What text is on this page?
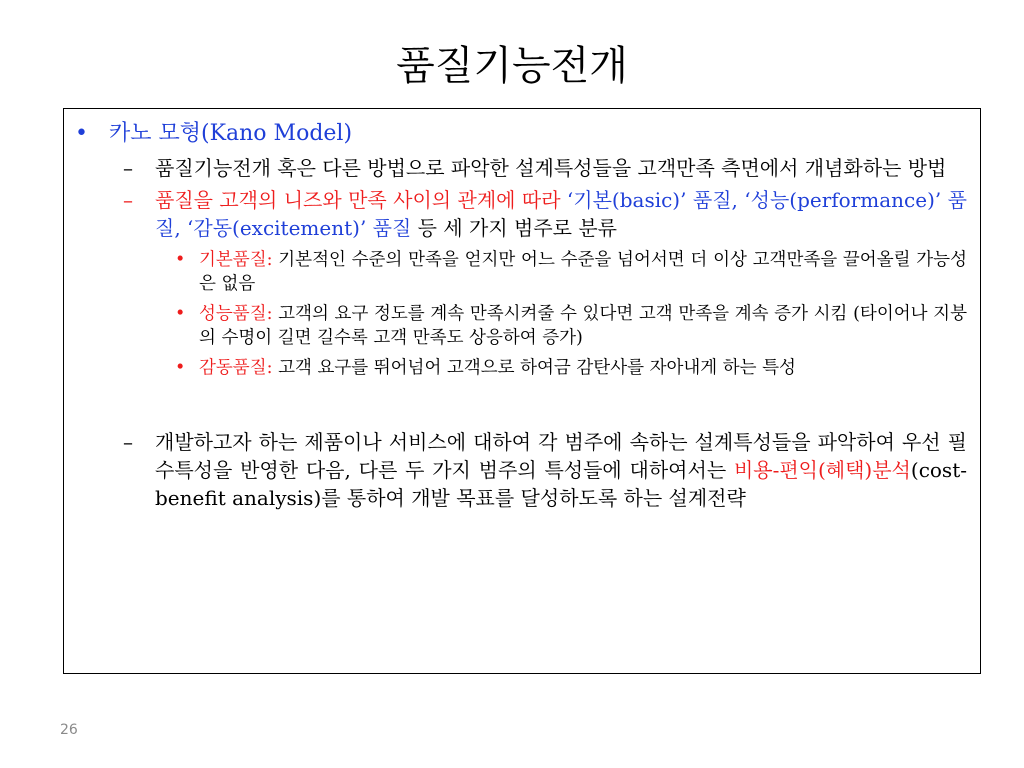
품질기능전개
• 카노 모형(Kano Model)
– 품질기능전개 혹은 다른 방법으로 파악한 설계특성들을 고객만족 측면에서 개념화하는 방법
– 품질을 고객의 니즈와 만족 사이의 관계에 따라 ‘기본(basic)’ 품질, ‘성능(performance)’ 품질, ‘감동(excitement)’ 품질 등 세 가지 범주로 분류
• 기본품질: 기본적인 수준의 만족을 얻지만 어느 수준을 넘어서면 더 이상 고객만족을 끌어올릴 가능성은 없음
• 성능품질: 고객의 요구 정도를 계속 만족시켜줄 수 있다면 고객 만족을 계속 증가 시킴 (타이어나 지붕의 수명이 길면 길수록 고객 만족도 상응하여 증가)
• 감동품질: 고객 요구를 뛰어넘어 고객으로 하여금 감탄사를 자아내게 하는 특성
– 개발하고자 하는 제품이나 서비스에 대하여 각 범주에 속하는 설계특성들을 파악하여 우선 필수특성을 반영한 다음, 다른 두 가지 범주의 특성들에 대하여서는 비용-편익(혜택)분석(cost-benefit analysis)를 통하여 개발 목표를 달성하도록 하는 설계전략
26
